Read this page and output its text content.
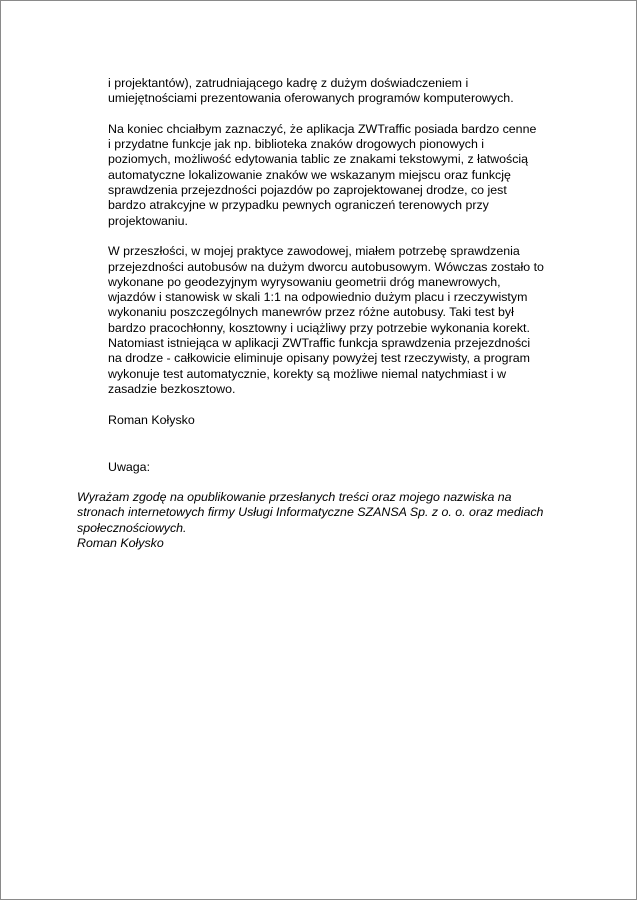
i projektantów), zatrudniającego kadrę z dużym doświadczeniem i
umiejętnościami prezentowania oferowanych programów komputerowych.

Na koniec chciałbym zaznaczyć, że aplikacja ZWTraffic posiada bardzo cenne
i przydatne funkcje jak np. biblioteka znaków drogowych pionowych i
poziomych, możliwość edytowania tablic ze znakami tekstowymi, z łatwością
automatyczne lokalizowanie znaków we wskazanym miejscu oraz funkcję
sprawdzenia przejezdności pojazdów po zaprojektowanej drodze, co jest
bardzo atrakcyjne w przypadku pewnych ograniczeń terenowych przy
projektowaniu.

W przeszłości, w mojej praktyce zawodowej, miałem potrzebę sprawdzenia
przejezdności autobusów na dużym dworcu autobusowym. Wówczas zostało to
wykonane po geodezyjnym wyrysowaniu geometrii dróg manewrowych,
wjazdów i stanowisk w skali 1:1 na odpowiednio dużym placu i rzeczywistym
wykonaniu poszczególnych manewrów przez różne autobusy. Taki test był
bardzo pracochłonny, kosztowny i uciążliwy przy potrzebie wykonania korekt.
Natomiast istniejąca w aplikacji ZWTraffic funkcja sprawdzenia przejezdności
na drodze - całkowicie eliminuje opisany powyżej test rzeczywisty, a program
wykonuje test automatycznie, korekty są możliwe niemal natychmiast i w
zasadzie bezkosztowo.

Roman Kołysko

Uwaga:

Wyrażam zgodę na opublikowanie przesłanych treści oraz mojego nazwiska na
stronach internetowych firmy Usługi Informatyczne SZANSA Sp. z o. o. oraz mediach
społecznościowych.
Roman Kołysko
